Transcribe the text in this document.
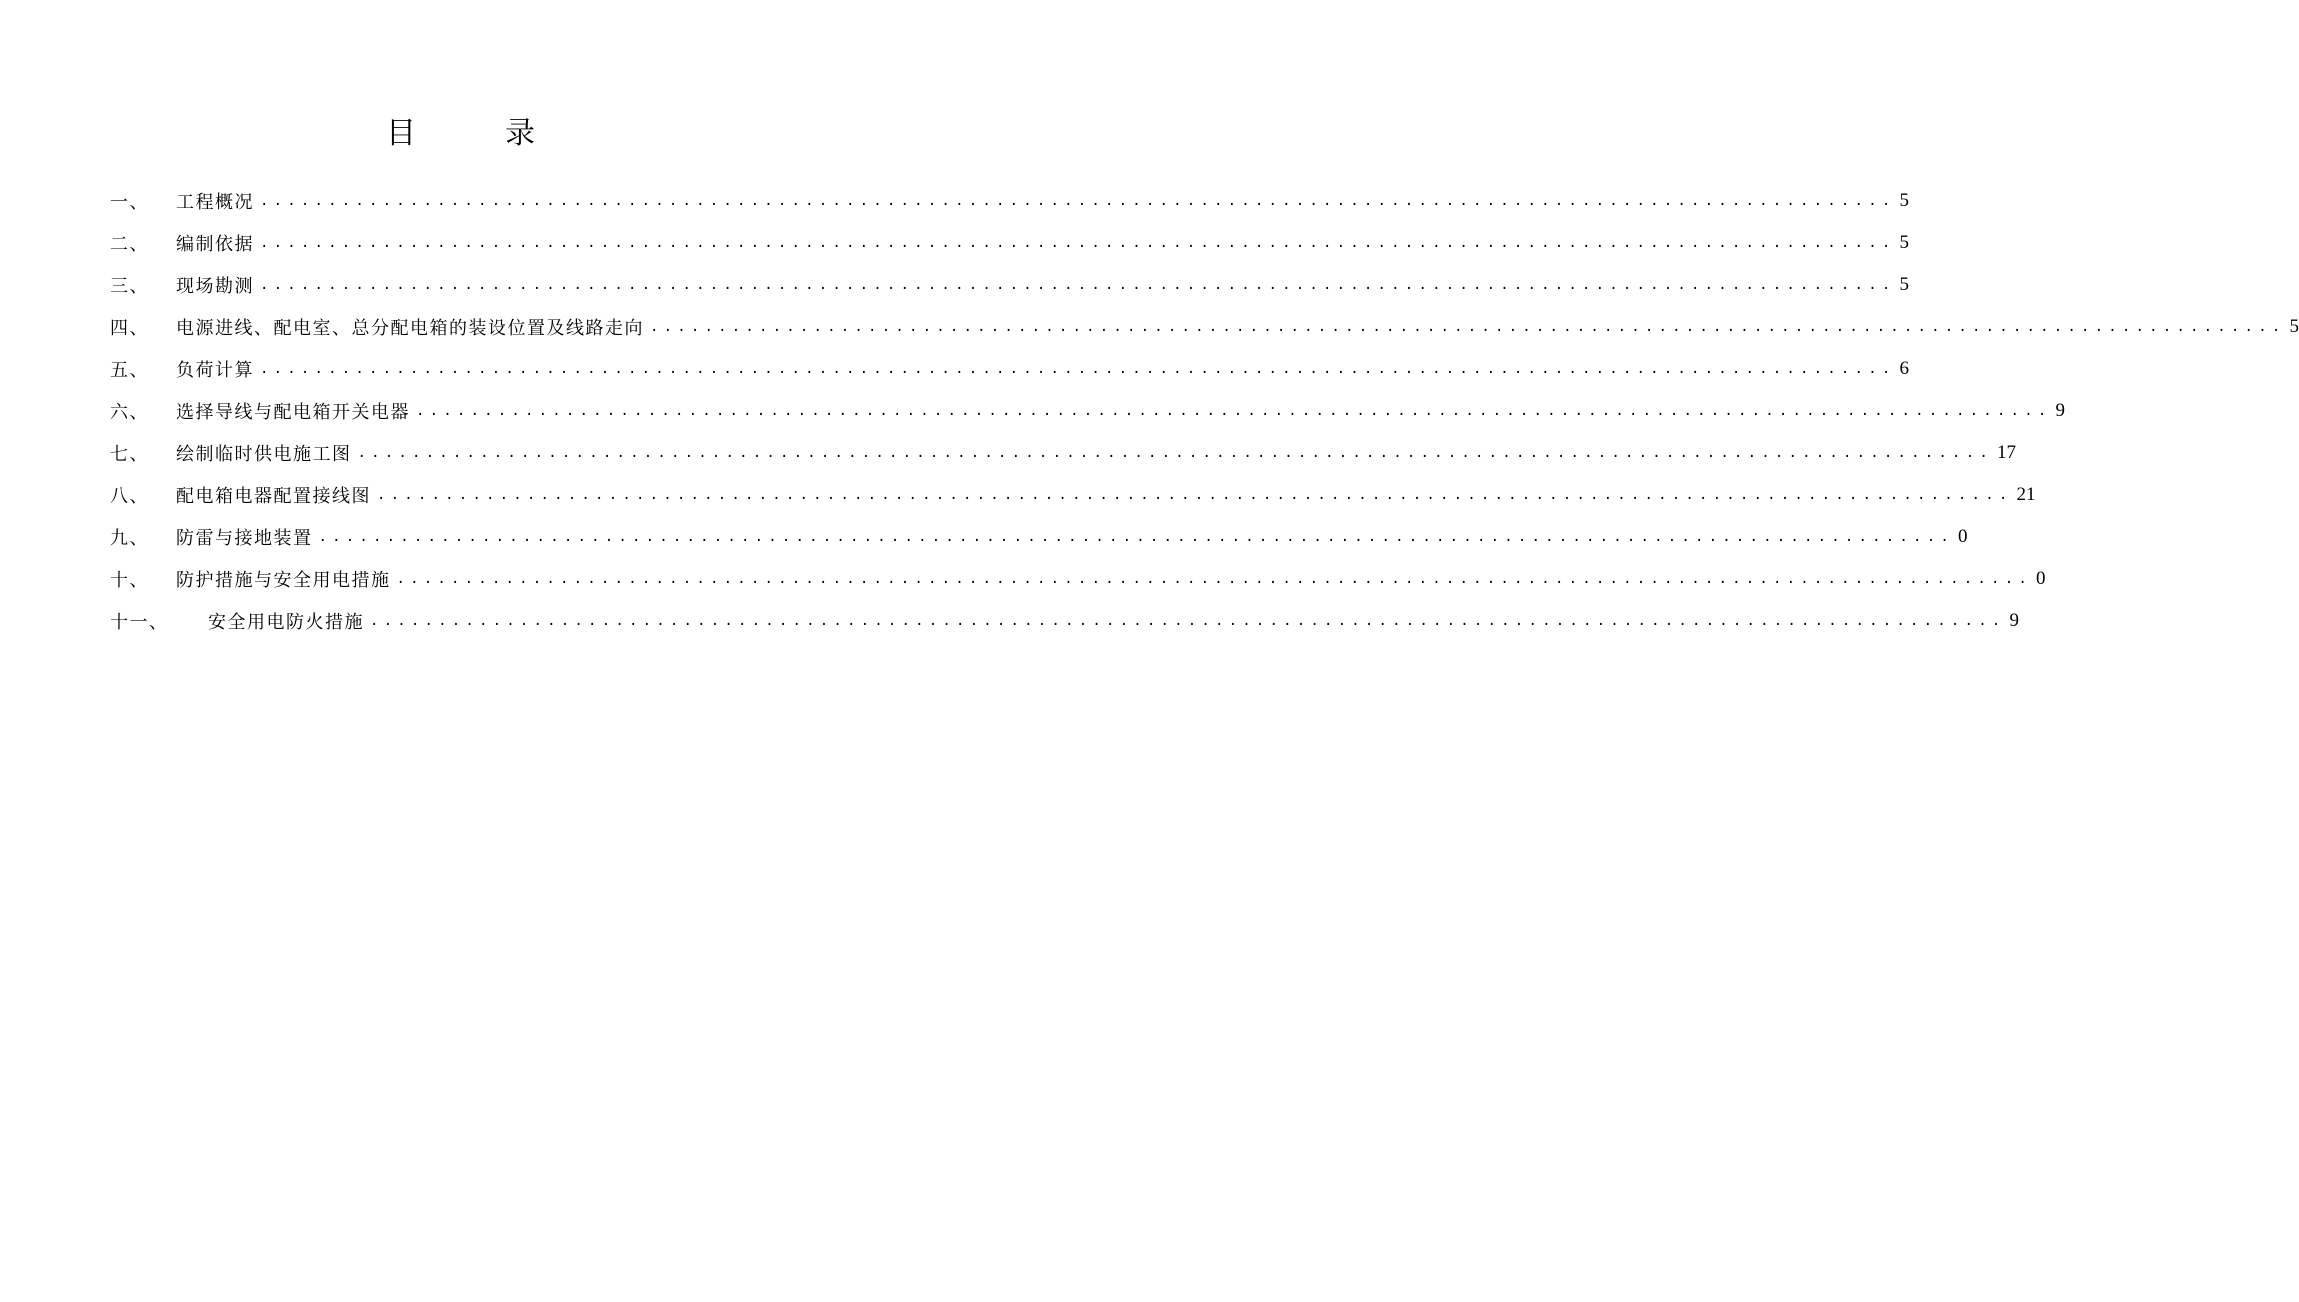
目	录
一、	工程概况 ........................................................................................................................ 5
二、	编制依据 ........................................................................................................................ 5
三、	现场勘测 ........................................................................................................................ 5
四、	电源进线、配电室、总分配电箱的装设位置及线路走向 ........................................................................................................................ 5
五、	负荷计算 ........................................................................................................................ 6
六、	选择导线与配电箱开关电器 ........................................................................................................................ 9
七、	绘制临时供电施工图 ........................................................................................................................ 17
八、	配电箱电器配置接线图 ........................................................................................................................ 21
九、	防雷与接地装置 ........................................................................................................................ 0
十、	防护措施与安全用电措施 ........................................................................................................................ 0
十一、	安全用电防火措施 ........................................................................................................................ 9
